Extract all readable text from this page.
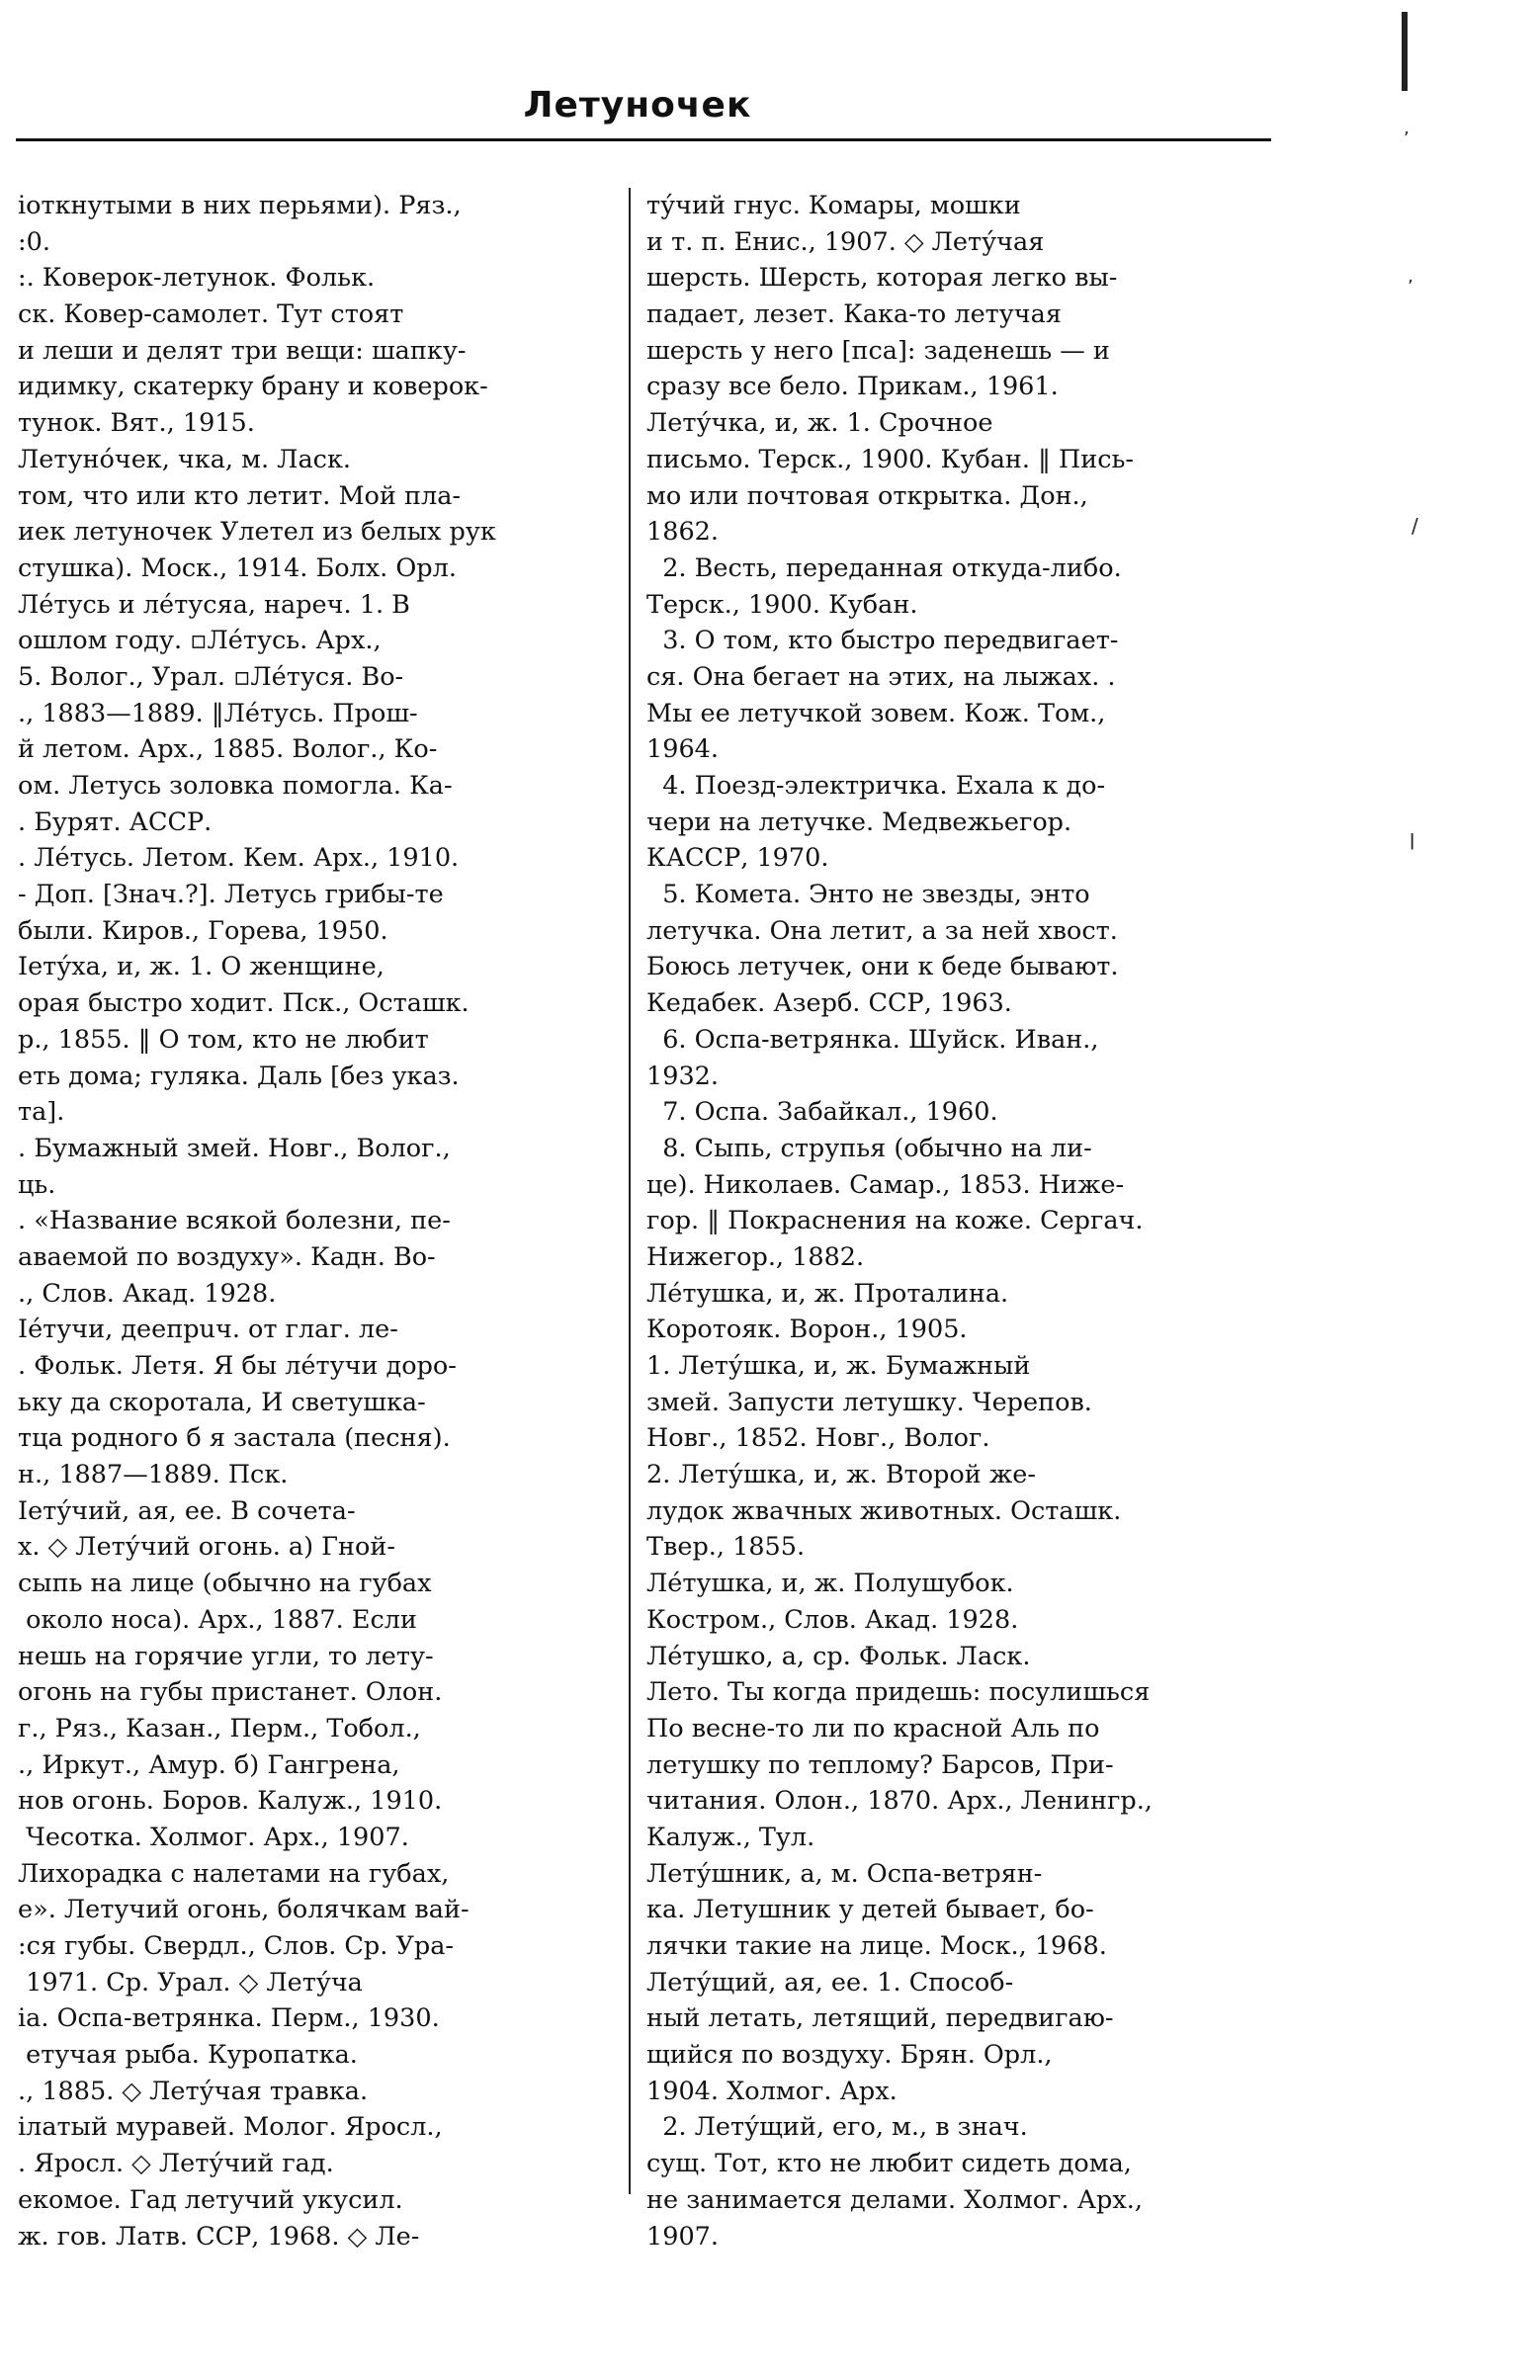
Летуночек
ʼ
ʼ
/
ǀ
іоткнутыми в них перьями). Ряз.,
:0.
:. Коверок-летунок. Фольк.
ск. Ковер-самолет. Тут стоят
и леши и делят три вещи: шапку-
идимку, скатерку брану и коверок-
тунок. Вят., 1915.
Летуно́чек, чка, м. Ласк.
том, что или кто летит. Мой пла-
иек летуночек Улетел из белых рук
стушка). Моск., 1914. Болх. Орл.
Ле́тусь и ле́тусяа, нареч. 1. В
ошлом году. ▫Ле́тусь. Арх.,
5. Волог., Урал. ▫Ле́туся. Во-
., 1883—1889. ‖Ле́тусь. Прош-
й летом. Арх., 1885. Волог., Ко-
ом. Летусь золовка помогла. Ка-
. Бурят. АССР.
. Ле́тусь. Летом. Кем. Арх., 1910.
- Доп. [Знач.?]. Летусь грибы-те
были. Киров., Горева, 1950.
Іету́ха, и, ж. 1. О женщине,
орая быстро ходит. Пск., Осташк.
р., 1855. ‖ О том, кто не любит
еть дома; гуляка. Даль [без указ.
та].
. Бумажный змей. Новг., Волог.,
ць.
. «Название всякой болезни, пе-
аваемой по воздуху». Кадн. Во-
., Слов. Акад. 1928.
Іе́тучи, деепрuч. от глаг. ле-
. Фольк. Летя. Я бы ле́тучи доро-
ьку да скоротала, И светушка-
тца родного б я застала (песня).
н., 1887—1889. Пск.
Іету́чий, ая, ее. В сочета-
х. ◇ Лету́чий огонь. а) Гной-
сыпь на лице (обычно на губах
около носа). Арх., 1887. Если
нешь на горячие угли, то лету-
огонь на губы пристанет. Олон.
г., Ряз., Казан., Перм., Тобол.,
., Иркут., Амур. б) Гангрена,
нов огонь. Боров. Калуж., 1910.
Чесотка. Холмог. Арх., 1907.
Лихорадка с налетами на губах,
е». Летучий огонь, болячкам вай-
:ся губы. Свердл., Слов. Ср. Ура-
1971. Ср. Урал. ◇ Лету́ча
іа. Оспа-ветрянка. Перм., 1930.
етучая рыба. Куропатка.
., 1885. ◇ Лету́чая травка.
ілатый муравей. Молог. Яросл.,
. Яросл. ◇ Лету́чий гад.
екомое. Гад летучий укусил.
ж. гов. Латв. ССР, 1968. ◇ Ле-
ту́чий гнус. Комары, мошки
и т. п. Енис., 1907. ◇ Лету́чая
шерсть. Шерсть, которая легко вы-
падает, лезет. Кака-то летучая
шерсть у него [пса]: заденешь — и
сразу все бело. Прикам., 1961.
Лету́чка, и, ж. 1. Срочное
письмо. Терск., 1900. Кубан. ‖ Пись-
мо или почтовая открытка. Дон.,
1862.
2. Весть, переданная откуда-либо.
Терск., 1900. Кубан.
3. О том, кто быстро передвигает-
ся. Она бегает на этих, на лыжах. .
Мы ее летучкой зовем. Кож. Том.,
1964.
4. Поезд-электричка. Ехала к до-
чери на летучке. Медвежьегор.
КАССР, 1970.
5. Комета. Энто не звезды, энто
летучка. Она летит, а за ней хвост.
Боюсь летучек, они к беде бывают.
Кедабек. Азерб. ССР, 1963.
6. Оспа-ветрянка. Шуйск. Иван.,
1932.
7. Оспа. Забайкал., 1960.
8. Сыпь, струпья (обычно на ли-
це). Николаев. Самар., 1853. Ниже-
гор. ‖ Покраснения на коже. Сергач.
Нижегор., 1882.
Ле́тушка, и, ж. Проталина.
Коротояк. Ворон., 1905.
1. Лету́шка, и, ж. Бумажный
змей. Запусти летушку. Черепов.
Новг., 1852. Новг., Волог.
2. Лету́шка, и, ж. Второй же-
лудок жвачных животных. Осташк.
Твер., 1855.
Ле́тушка, и, ж. Полушубок.
Костром., Слов. Акад. 1928.
Ле́тушко, а, ср. Фольк. Ласк.
Лето. Ты когда придешь: посулишься
По весне-то ли по красной Аль по
летушку по теплому? Барсов, При-
читания. Олон., 1870. Арх., Ленингр.,
Калуж., Тул.
Лету́шник, а, м. Оспа-ветрян-
ка. Летушник у детей бывает, бо-
лячки такие на лице. Моск., 1968.
Лету́щий, ая, ее. 1. Способ-
ный летать, летящий, передвигаю-
щийся по воздуху. Брян. Орл.,
1904. Холмог. Арх.
2. Лету́щий, его, м., в знач.
сущ. Тот, кто не любит сидеть дома,
не занимается делами. Холмог. Арх.,
1907.
